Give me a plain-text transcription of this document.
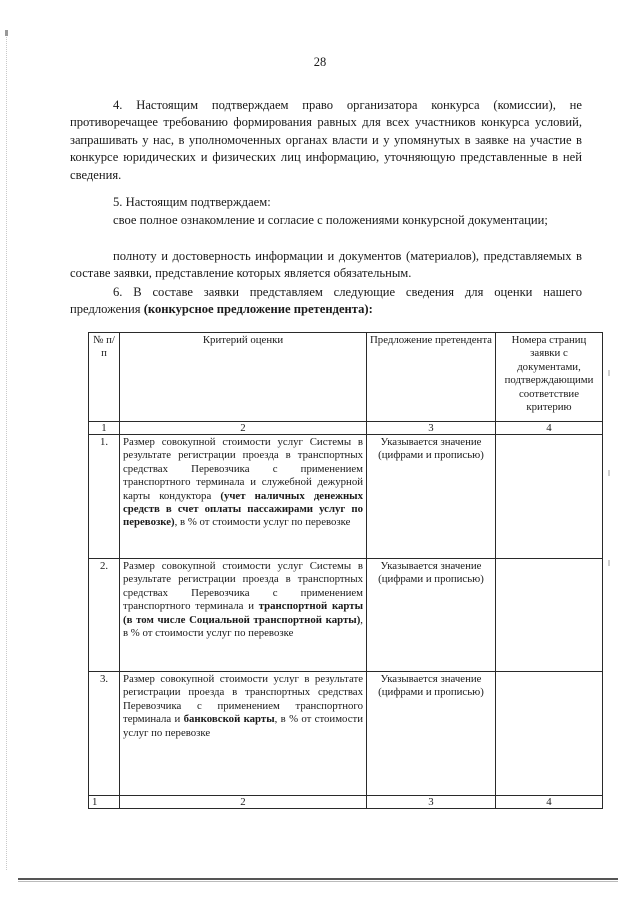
28

4. Настоящим подтверждаем право организатора конкурса (комиссии), не противоречащее требованию формирования равных для всех участников конкурса условий, запрашивать у нас, в уполномоченных органах власти и у упомянутых в заявке на участие в конкурсе юридических и физических лиц информацию, уточняющую представленные в ней сведения.

5. Настоящим подтверждаем:

свое полное ознакомление и согласие с положениями конкурсной документации;

полноту и достоверность информации и документов (материалов), представляемых в составе заявки, представление которых является обязательным.

6. В составе заявки представляем следующие сведения для оценки нашего предложения (конкурсное предложение претендента):

№ п/п	Критерий оценки	Предложение претендента	Номера страниц заявки с документами, подтверждающими соответствие критерию
1	2	3	4
1.	Размер совокупной стоимости услуг Системы в результате регистрации проезда в транспортных средствах Перевозчика с применением транспортного терминала и служебной дежурной карты кондуктора (учет наличных денежных средств в счет оплаты пассажирами услуг по перевозке), в % от стоимости услуг по перевозке	Указывается значение (цифрами и прописью)	
2.	Размер совокупной стоимости услуг Системы в результате регистрации проезда в транспортных средствах Перевозчика с применением транспортного терминала и транспортной карты (в том числе Социальной транспортной карты), в % от стоимости услуг по перевозке	Указывается значение (цифрами и прописью)	
3.	Размер совокупной стоимости услуг в результате регистрации проезда в транспортных средствах Перевозчика с применением транспортного терминала и банковской карты, в % от стоимости услуг по перевозке	Указывается значение (цифрами и прописью)	
1	2	3	4
